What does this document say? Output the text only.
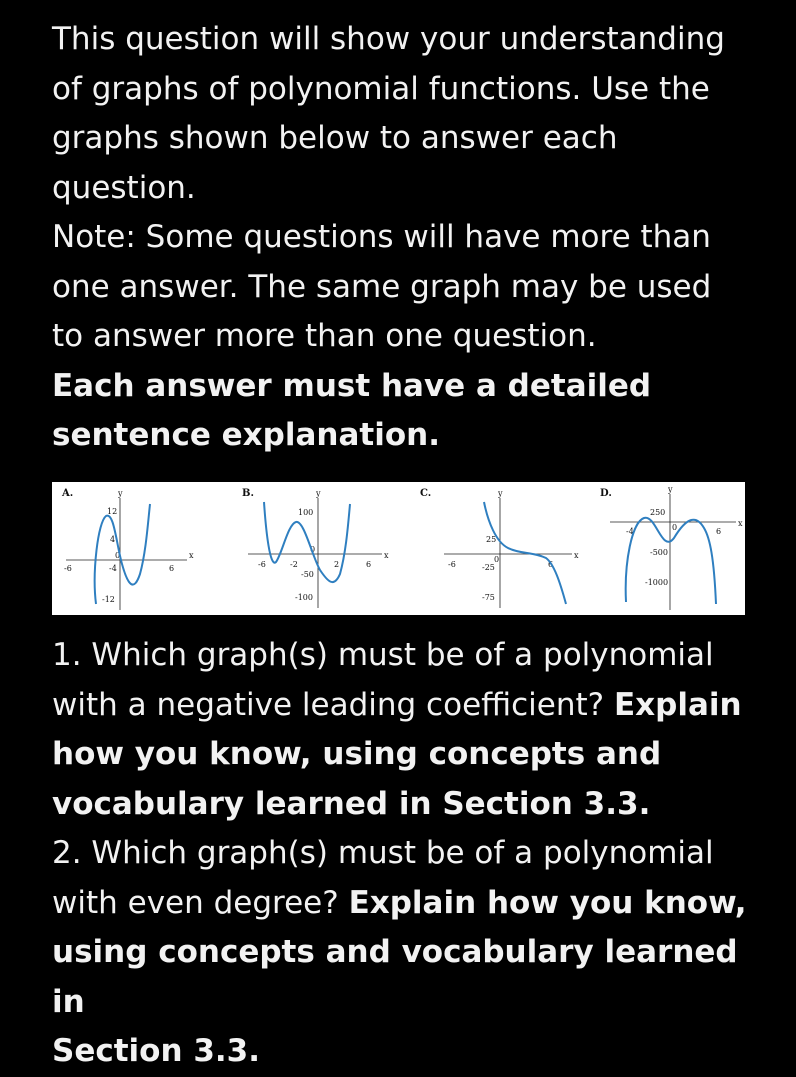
This question will show your understanding
of graphs of polynomial functions. Use the
graphs shown below to answer each
question.
Note: Some questions will have more than
one answer. The same graph may be used
to answer more than one question.
Each answer must have a detailed
sentence explanation.
A.	y
x
12
4
0
-4
-12
-6	6
B.	y
x
100
0
-50
-100
-6	-2	2	6
C.	y
x
25
0
-25
-75
-6	6
D.	y
x
250
0
-500
-1000
-4	6
1. Which graph(s) must be of a polynomial
with a negative leading coefficient? Explain
how you know, using concepts and
vocabulary learned in Section 3.3.
2. Which graph(s) must be of a polynomial
with even degree? Explain how you know,
using concepts and vocabulary learned in
Section 3.3.
